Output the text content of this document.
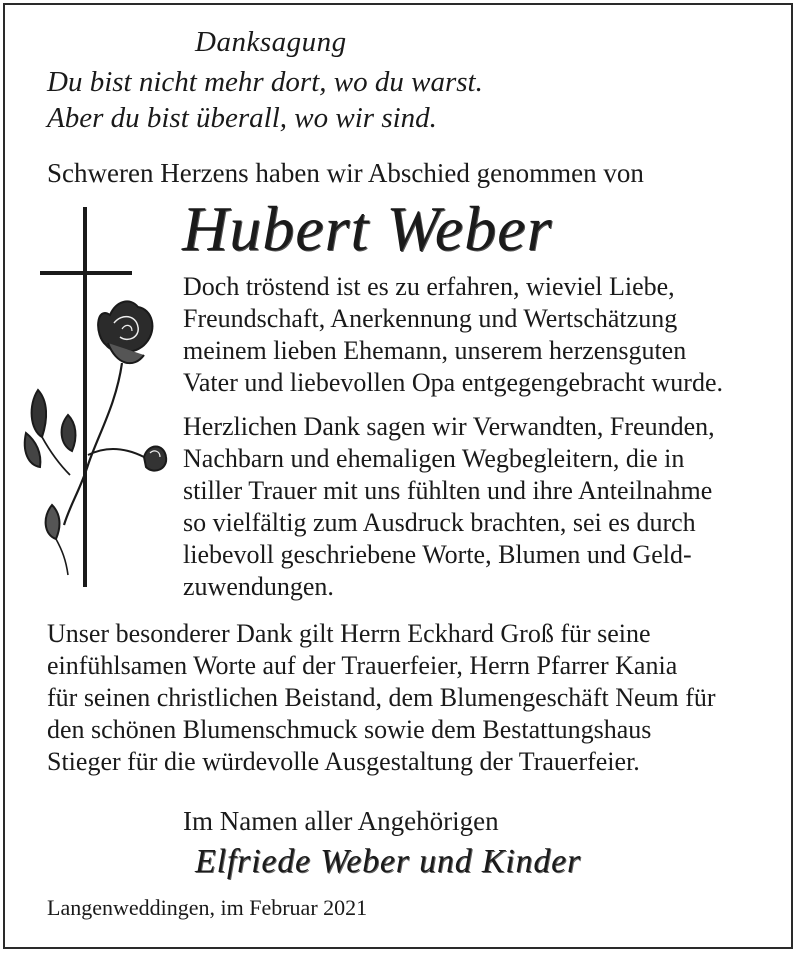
Danksagung
Du bist nicht mehr dort, wo du warst.
Aber du bist überall, wo wir sind.
Schweren Herzens haben wir Abschied genommen von
Hubert Weber
Doch tröstend ist es zu erfahren, wieviel Liebe,
Freundschaft, Anerkennung und Wertschätzung
meinem lieben Ehemann, unserem herzensguten
Vater und liebevollen Opa entgegengebracht wurde.
Herzlichen Dank sagen wir Verwandten, Freunden,
Nachbarn und ehemaligen Wegbegleitern, die in
stiller Trauer mit uns fühlten und ihre Anteilnahme
so vielfältig zum Ausdruck brachten, sei es durch
liebevoll geschriebene Worte, Blumen und Geld-
zuwendungen.
Unser besonderer Dank gilt Herrn Eckhard Groß für seine
einfühlsamen Worte auf der Trauerfeier, Herrn Pfarrer Kania
für seinen christlichen Beistand, dem Blumengeschäft Neum für
den schönen Blumenschmuck sowie dem Bestattungshaus
Stieger für die würdevolle Ausgestaltung der Trauerfeier.
Im Namen aller Angehörigen
Elfriede Weber und Kinder
Langenweddingen, im Februar 2021
